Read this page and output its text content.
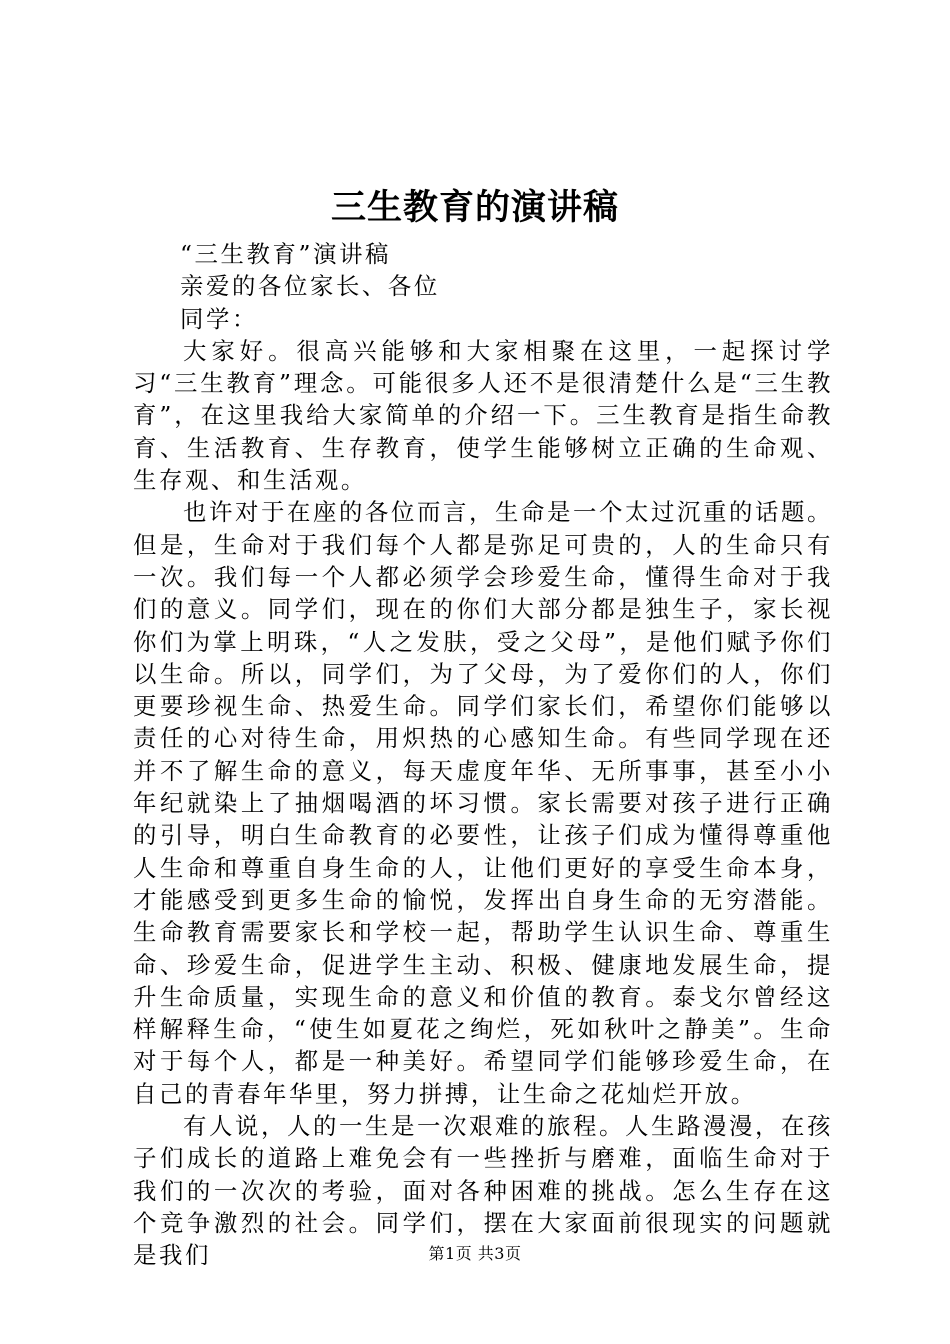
三生教育的演讲稿

“三生教育”演讲稿

亲爱的各位家长、各位

同学：

大家好。很高兴能够和大家相聚在这里，一起探讨学习“三生教育”理念。可能很多人还不是很清楚什么是“三生教育”，在这里我给大家简单的介绍一下。三生教育是指生命教育、生活教育、生存教育，使学生能够树立正确的生命观、生存观、和生活观。

也许对于在座的各位而言，生命是一个太过沉重的话题。但是，生命对于我们每个人都是弥足可贵的，人的生命只有一次。我们每一个人都必须学会珍爱生命，懂得生命对于我们的意义。同学们，现在的你们大部分都是独生子，家长视你们为掌上明珠，“人之发肤，受之父母”，是他们赋予你们以生命。所以，同学们，为了父母，为了爱你们的人，你们更要珍视生命、热爱生命。同学们家长们，希望你们能够以责任的心对待生命，用炽热的心感知生命。有些同学现在还并不了解生命的意义，每天虚度年华、无所事事，甚至小小年纪就染上了抽烟喝酒的坏习惯。家长需要对孩子进行正确的引导，明白生命教育的必要性，让孩子们成为懂得尊重他人生命和尊重自身生命的人，让他们更好的享受生命本身，才能感受到更多生命的愉悦，发挥出自身生命的无穷潜能。生命教育需要家长和学校一起，帮助学生认识生命、尊重生命、珍爱生命，促进学生主动、积极、健康地发展生命，提升生命质量，实现生命的意义和价值的教育。泰戈尔曾经这样解释生命，“使生如夏花之绚烂，死如秋叶之静美”。生命对于每个人，都是一种美好。希望同学们能够珍爱生命，在自己的青春年华里，努力拼搏，让生命之花灿烂开放。

有人说，人的一生是一次艰难的旅程。人生路漫漫，在孩子们成长的道路上难免会有一些挫折与磨难，面临生命对于我们的一次次的考验，面对各种困难的挑战。怎么生存在这个竞争激烈的社会。同学们，摆在大家面前很现实的问题就是我们	第1页 共3页
